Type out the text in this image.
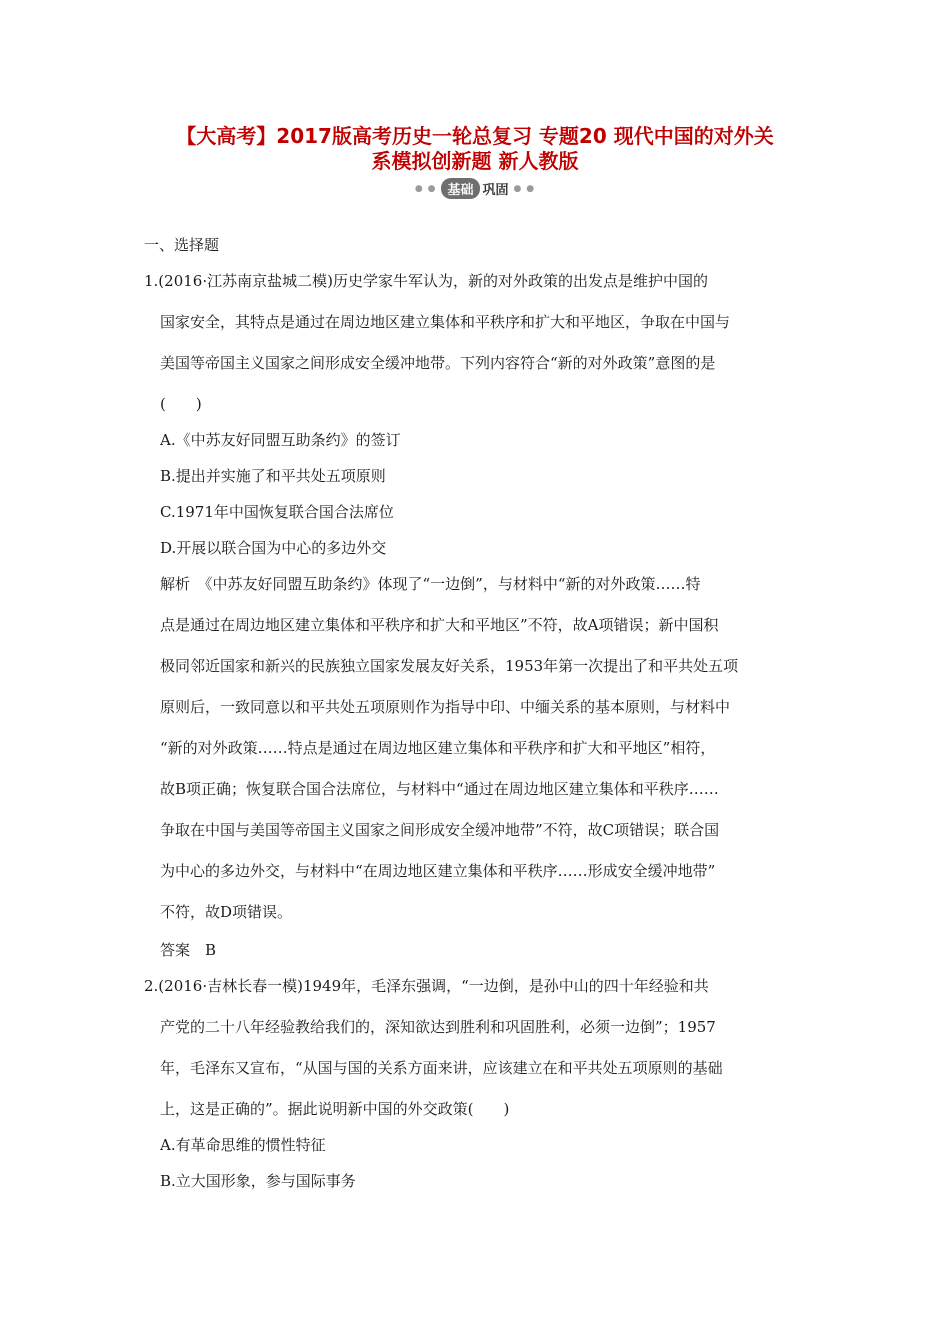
【大高考】2017版高考历史一轮总复习 专题20 现代中国的对外关
系模拟创新题 新人教版
● ● 基础 巩固 ● ●
一、选择题
1.(2016·江苏南京盐城二模)历史学家牛军认为，新的对外政策的出发点是维护中国的
国家安全，其特点是通过在周边地区建立集体和平秩序和扩大和平地区，争取在中国与
美国等帝国主义国家之间形成安全缓冲地带。下列内容符合“新的对外政策”意图的是
(　　)
A.《中苏友好同盟互助条约》的签订
B.提出并实施了和平共处五项原则
C.1971年中国恢复联合国合法席位
D.开展以联合国为中心的多边外交
解析　《中苏友好同盟互助条约》体现了“一边倒”，与材料中“新的对外政策……特
点是通过在周边地区建立集体和平秩序和扩大和平地区”不符，故A项错误；新中国积
极同邻近国家和新兴的民族独立国家发展友好关系，1953年第一次提出了和平共处五项
原则后，一致同意以和平共处五项原则作为指导中印、中缅关系的基本原则，与材料中
“新的对外政策……特点是通过在周边地区建立集体和平秩序和扩大和平地区”相符，
故B项正确；恢复联合国合法席位，与材料中“通过在周边地区建立集体和平秩序……
争取在中国与美国等帝国主义国家之间形成安全缓冲地带”不符，故C项错误；联合国
为中心的多边外交，与材料中“在周边地区建立集体和平秩序……形成安全缓冲地带”
不符，故D项错误。
答案　B
2.(2016·吉林长春一模)1949年，毛泽东强调，“一边倒，是孙中山的四十年经验和共
产党的二十八年经验教给我们的，深知欲达到胜利和巩固胜利，必须一边倒”；1957
年，毛泽东又宣布，“从国与国的关系方面来讲，应该建立在和平共处五项原则的基础
上，这是正确的”。据此说明新中国的外交政策(　　)
A.有革命思维的惯性特征
B.立大国形象，参与国际事务
